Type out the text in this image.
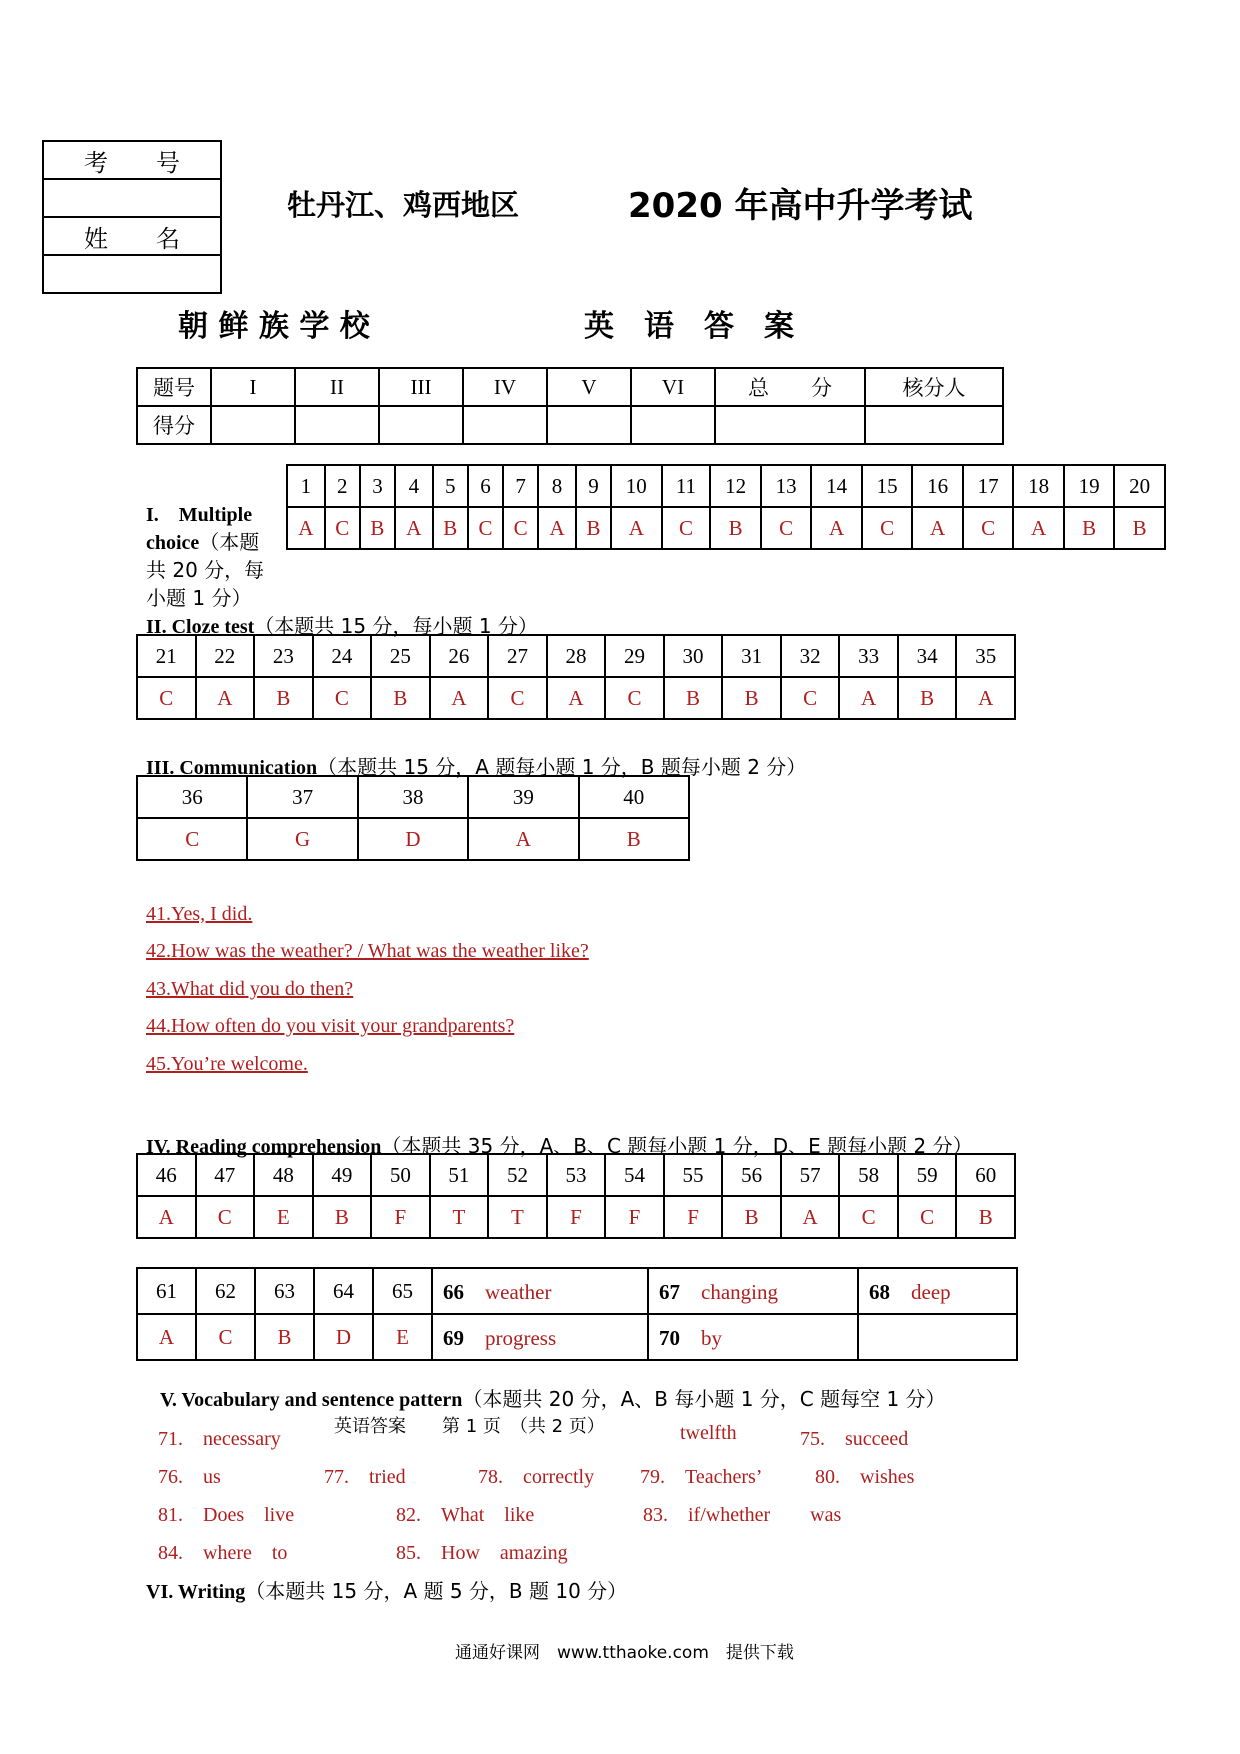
考　　号

姓　　名

牡丹江、鸡西地区	2020 年高中升学考试
朝 鲜 族 学 校	英　语　答　案
题号	I	II	III	IV	V	VI	总　　分	核分人
得分								
I.　Multiple choice（本题共 20 分，每小题 1 分）
1	2	3	4	5	6	7	8	9	10	11	12	13	14	15	16	17	18	19	20
A	C	B	A	B	C	C	A	B	A	C	B	C	A	C	A	C	A	B	B
II. Cloze test（本题共 15 分，每小题 1 分）
21	22	23	24	25	26	27	28	29	30	31	32	33	34	35
C	A	B	C	B	A	C	A	C	B	B	C	A	B	A
III. Communication（本题共 15 分，A 题每小题 1 分，B 题每小题 2 分）
36	37	38	39	40
C	G	D	A	B
41.Yes, I did.
42.How was the weather? / What was the weather like?
43.What did you do then?
44.How often do you visit your grandparents?
45.You’re welcome.
IV. Reading comprehension（本题共 35 分，A、B、C 题每小题 1 分，D、E 题每小题 2 分）
46	47	48	49	50	51	52	53	54	55	56	57	58	59	60
A	C	E	B	F	T	T	F	F	F	B	A	C	C	B
61	62	63	64	65	66　 weather	67　 changing	68　 deep
A	C	B	D	E	69　 progress	70　 by	
V. Vocabulary and sentence pattern（本题共 20 分，A、B 每小题 1 分，C 题每空 1 分）
英语答案　　第 1 页　（共 2 页）
71.　 necessary	twelfth	75.　 succeed
76.　 us	77.　 tried	78.　 correctly 79.　 Teachers’	80.　 wishes
81.　 Does　live	82.　 What　like	83.　 if/whether　　was
84.　 where　to	85.　 How　amazing
VI. Writing（本题共 15 分，A 题 5 分，B 题 10 分）
通通好课网　www.tthaoke.com　提供下载
